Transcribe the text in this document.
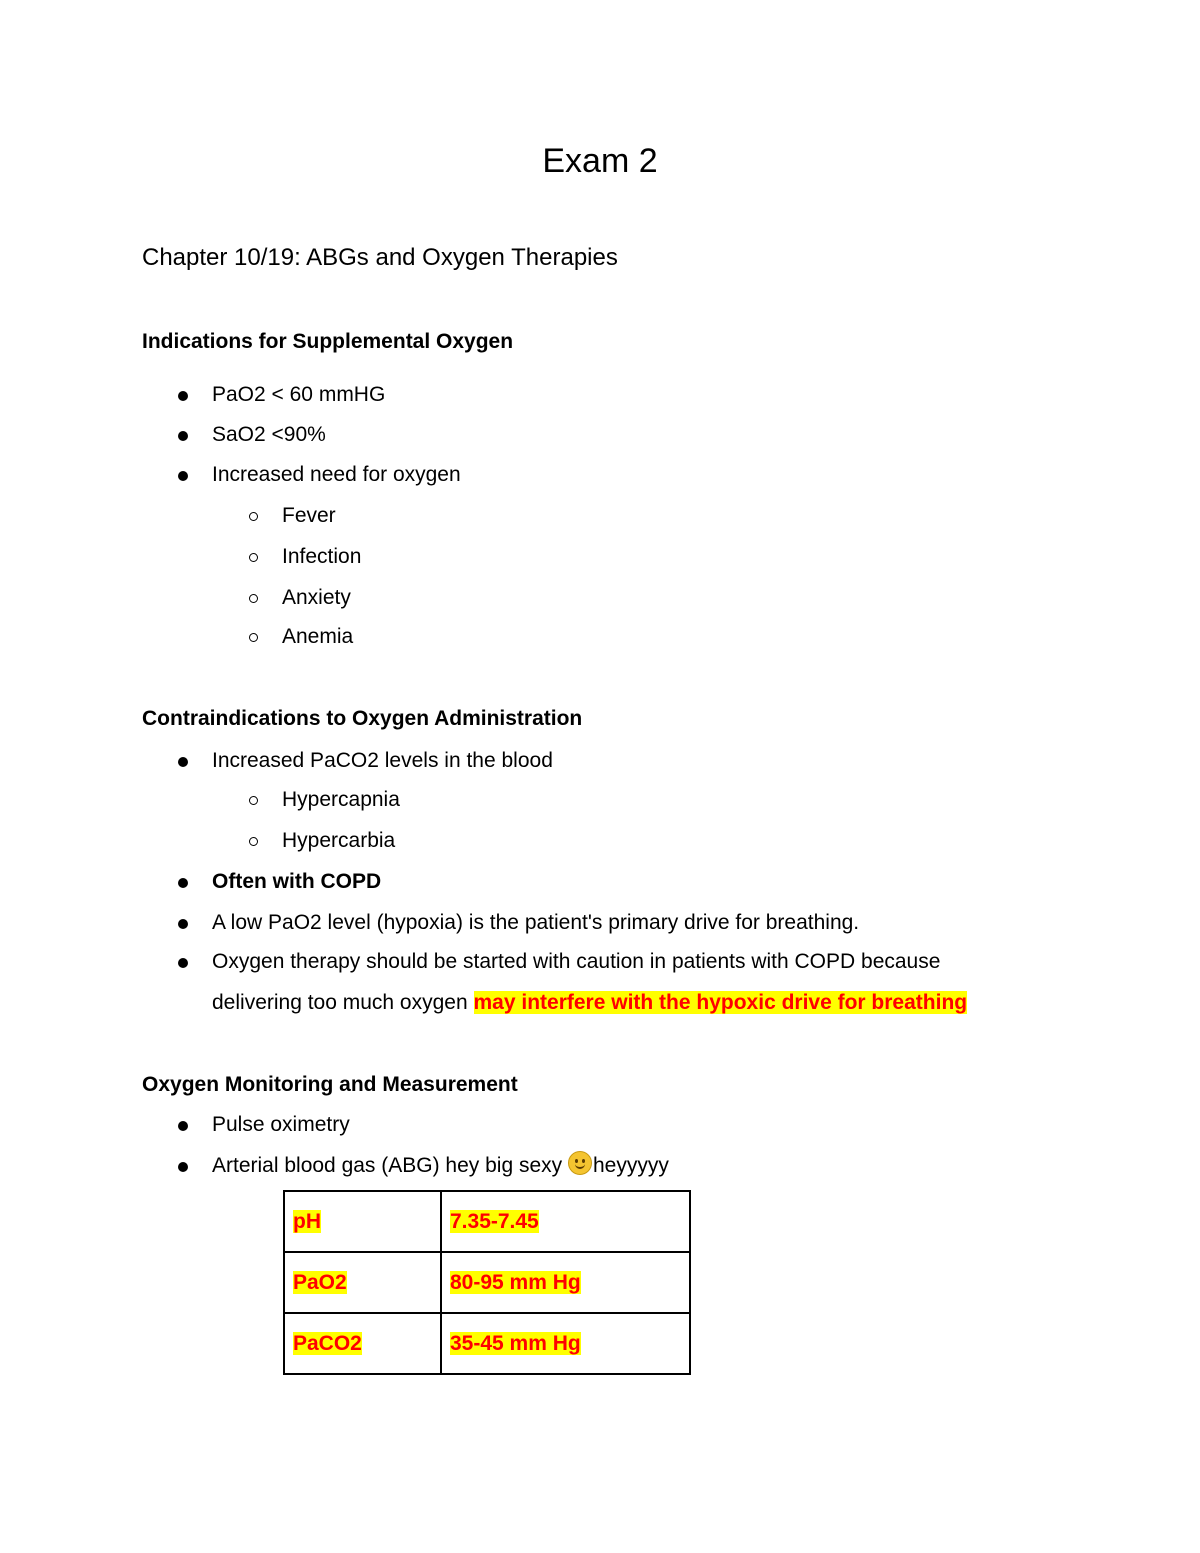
Exam 2
Chapter 10/19: ABGs and Oxygen Therapies
Indications for Supplemental Oxygen
PaO2 < 60 mmHG
SaO2 <90%
Increased need for oxygen
Fever
Infection
Anxiety
Anemia
Contraindications to Oxygen Administration
Increased PaCO2 levels in the blood
Hypercapnia
Hypercarbia
Often with COPD
A low PaO2 level (hypoxia) is the patient's primary drive for breathing.
Oxygen therapy should be started with caution in patients with COPD because
delivering too much oxygen may interfere with the hypoxic drive for breathing
Oxygen Monitoring and Measurement
Pulse oximetry
Arterial blood gas (ABG) hey big sexy
heyyyyy
pH	7.35-7.45
PaO2	80-95 mm Hg
PaCO2	35-45 mm Hg
